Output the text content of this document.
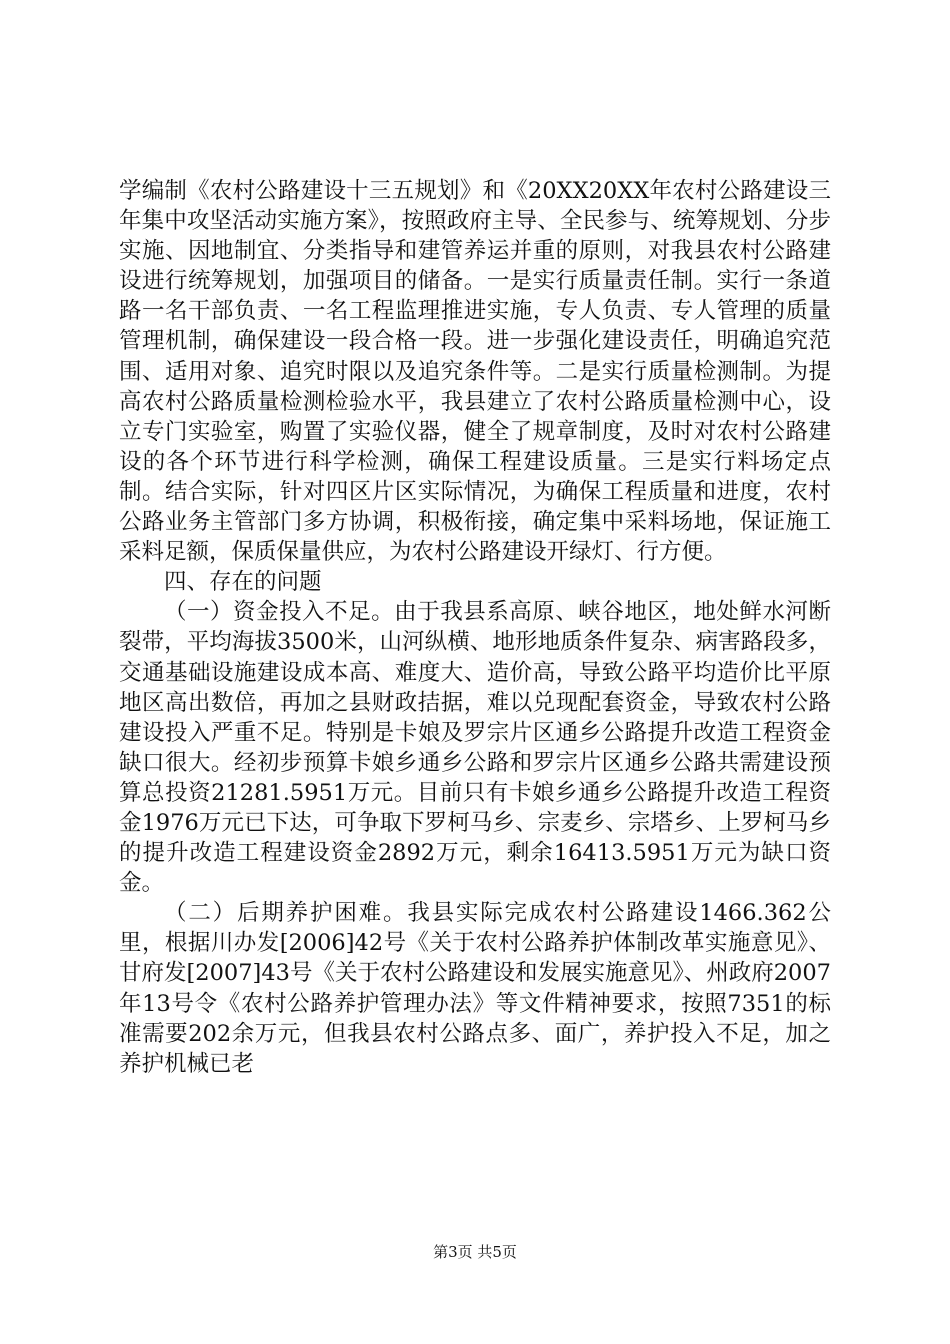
学编制《农村公路建设十三五规划》和《20XX20XX年农村公路建设三年集中攻坚活动实施方案》，按照政府主导、全民参与、统筹规划、分步实施、因地制宜、分类指导和建管养运并重的原则，对我县农村公路建设进行统筹规划，加强项目的储备。一是实行质量责任制。实行一条道路一名干部负责、一名工程监理推进实施，专人负责、专人管理的质量管理机制，确保建设一段合格一段。进一步强化建设责任，明确追究范围、适用对象、追究时限以及追究条件等。二是实行质量检测制。为提高农村公路质量检测检验水平，我县建立了农村公路质量检测中心，设立专门实验室，购置了实验仪器，健全了规章制度，及时对农村公路建设的各个环节进行科学检测，确保工程建设质量。三是实行料场定点制。结合实际，针对四区片区实际情况，为确保工程质量和进度，农村公路业务主管部门多方协调，积极衔接，确定集中采料场地，保证施工采料足额，保质保量供应，为农村公路建设开绿灯、行方便。

四、存在的问题

（一）资金投入不足。由于我县系高原、峡谷地区，地处鲜水河断裂带，平均海拔3500米，山河纵横、地形地质条件复杂、病害路段多，交通基础设施建设成本高、难度大、造价高，导致公路平均造价比平原地区高出数倍，再加之县财政拮据，难以兑现配套资金，导致农村公路建设投入严重不足。特别是卡娘及罗宗片区通乡公路提升改造工程资金缺口很大。经初步预算卡娘乡通乡公路和罗宗片区通乡公路共需建设预算总投资21281.5951万元。目前只有卡娘乡通乡公路提升改造工程资金1976万元已下达，可争取下罗柯马乡、宗麦乡、宗塔乡、上罗柯马乡的提升改造工程建设资金2892万元，剩余16413.5951万元为缺口资金。

（二）后期养护困难。我县实际完成农村公路建设1466.362公里，根据川办发[2006]42号《关于农村公路养护体制改革实施意见》、甘府发[2007]43号《关于农村公路建设和发展实施意见》、州政府2007年13号令《农村公路养护管理办法》等文件精神要求，按照7351的标准需要202余万元，但我县农村公路点多、面广，养护投入不足，加之养护机械已老

第3页 共5页
